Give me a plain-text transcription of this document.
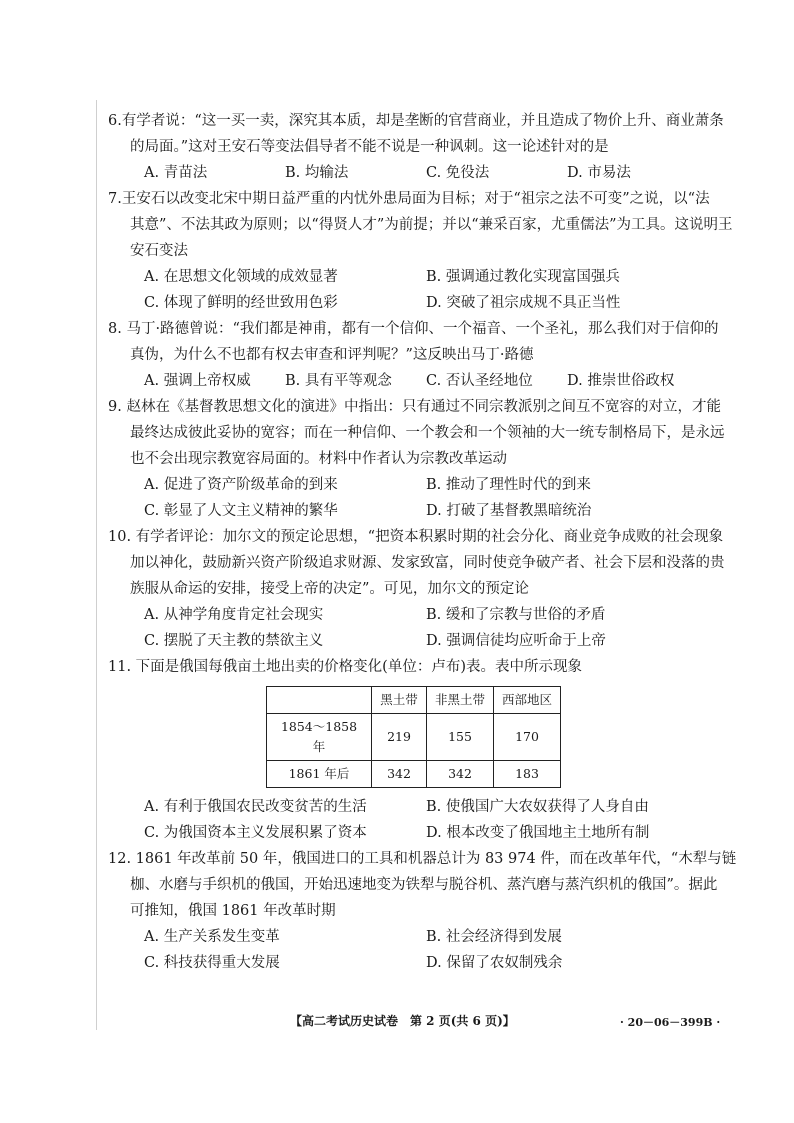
6.有学者说：“这一买一卖，深究其本质，却是垄断的官营商业，并且造成了物价上升、商业萧条
的局面。”这对王安石等变法倡导者不能不说是一种讽刺。这一论述针对的是
A. 青苗法	B. 均输法	C. 免役法	D. 市易法
7.王安石以改变北宋中期日益严重的内忧外患局面为目标；对于“祖宗之法不可变”之说，以“法
其意”、不法其政为原则；以“得贤人才”为前提；并以“兼采百家，尤重儒法”为工具。这说明王
安石变法
A. 在思想文化领域的成效显著	B. 强调通过教化实现富国强兵
C. 体现了鲜明的经世致用色彩	D. 突破了祖宗成规不具正当性
8. 马丁·路德曾说：“我们都是神甫，都有一个信仰、一个福音、一个圣礼，那么我们对于信仰的
真伪，为什么不也都有权去审查和评判呢？”这反映出马丁·路德
A. 强调上帝权威	B. 具有平等观念	C. 否认圣经地位	D. 推崇世俗政权
9. 赵林在《基督教思想文化的演进》中指出：只有通过不同宗教派别之间互不宽容的对立，才能
最终达成彼此妥协的宽容；而在一种信仰、一个教会和一个领袖的大一统专制格局下，是永远
也不会出现宗教宽容局面的。材料中作者认为宗教改革运动
A. 促进了资产阶级革命的到来	B. 推动了理性时代的到来
C. 彰显了人文主义精神的繁华	D. 打破了基督教黑暗统治
10. 有学者评论：加尔文的预定论思想，“把资本积累时期的社会分化、商业竞争成败的社会现象
加以神化，鼓励新兴资产阶级追求财源、发家致富，同时使竞争破产者、社会下层和没落的贵
族服从命运的安排，接受上帝的决定”。可见，加尔文的预定论
A. 从神学角度肯定社会现实	B. 缓和了宗教与世俗的矛盾
C. 摆脱了天主教的禁欲主义	D. 强调信徒均应听命于上帝
11. 下面是俄国每俄亩土地出卖的价格变化(单位：卢布)表。表中所示现象
	黑土带	非黑土带	西部地区
1854～1858 年	219	155	170
1861 年后	342	342	183
A. 有利于俄国农民改变贫苦的生活	B. 使俄国广大农奴获得了人身自由
C. 为俄国资本主义发展积累了资本	D. 根本改变了俄国地主土地所有制
12. 1861 年改革前 50 年，俄国进口的工具和机器总计为 83 974 件，而在改革年代，“木犁与链
枷、水磨与手织机的俄国，开始迅速地变为铁犁与脱谷机、蒸汽磨与蒸汽织机的俄国”。据此
可推知，俄国 1861 年改革时期
A. 生产关系发生变革	B. 社会经济得到发展
C. 科技获得重大发展	D. 保留了农奴制残余
【高二考试历史试卷　第 2 页(共 6 页)】	· 20－06－399B ·
